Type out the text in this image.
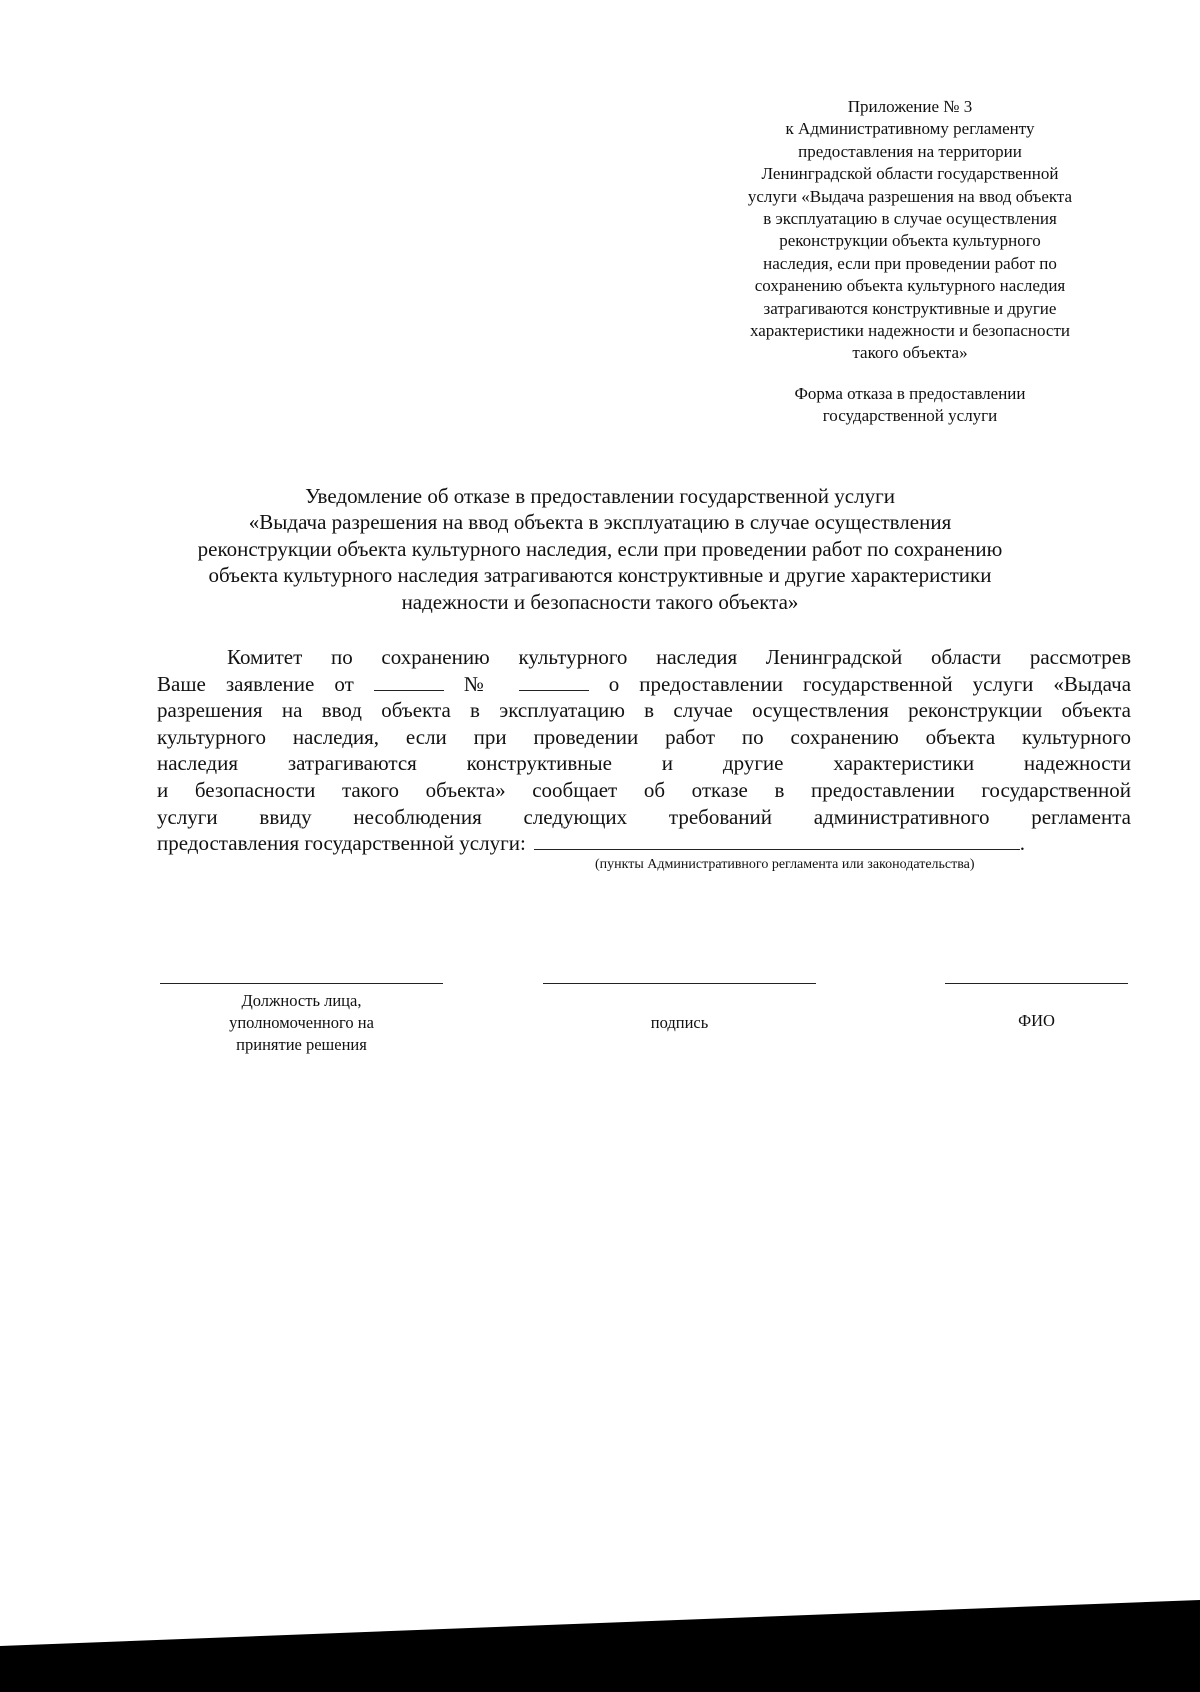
Приложение № 3
к Административному регламенту
предоставления на территории
Ленинградской области государственной
услуги «Выдача разрешения на ввод объекта
в эксплуатацию в случае осуществления
реконструкции объекта культурного
наследия, если при проведении работ по
сохранению объекта культурного наследия
затрагиваются конструктивные и другие
характеристики надежности и безопасности
такого объекта»
Форма отказа в предоставлении
государственной услуги
Уведомление об отказе в предоставлении государственной услуги
«Выдача разрешения на ввод объекта в эксплуатацию в случае осуществления
реконструкции объекта культурного наследия, если при проведении работ по сохранению
объекта культурного наследия затрагиваются конструктивные и другие характеристики
надежности и безопасности такого объекта»
Комитет по сохранению культурного наследия Ленинградской области рассмотрев
Ваше заявление от	№	о предоставлении государственной услуги «Выдача
разрешения на ввод объекта в эксплуатацию в случае осуществления реконструкции объекта
культурного наследия, если при проведении работ по сохранению объекта культурного
наследия затрагиваются конструктивные и другие характеристики надежности
и безопасности такого объекта» сообщает об отказе в предоставлении государственной
услуги ввиду несоблюдения следующих требований административного регламента
предоставления государственной услуги:	.
(пункты Административного регламента или законодательства)
Должность лица,
уполномоченного на
принятие решения
подпись	ФИО
